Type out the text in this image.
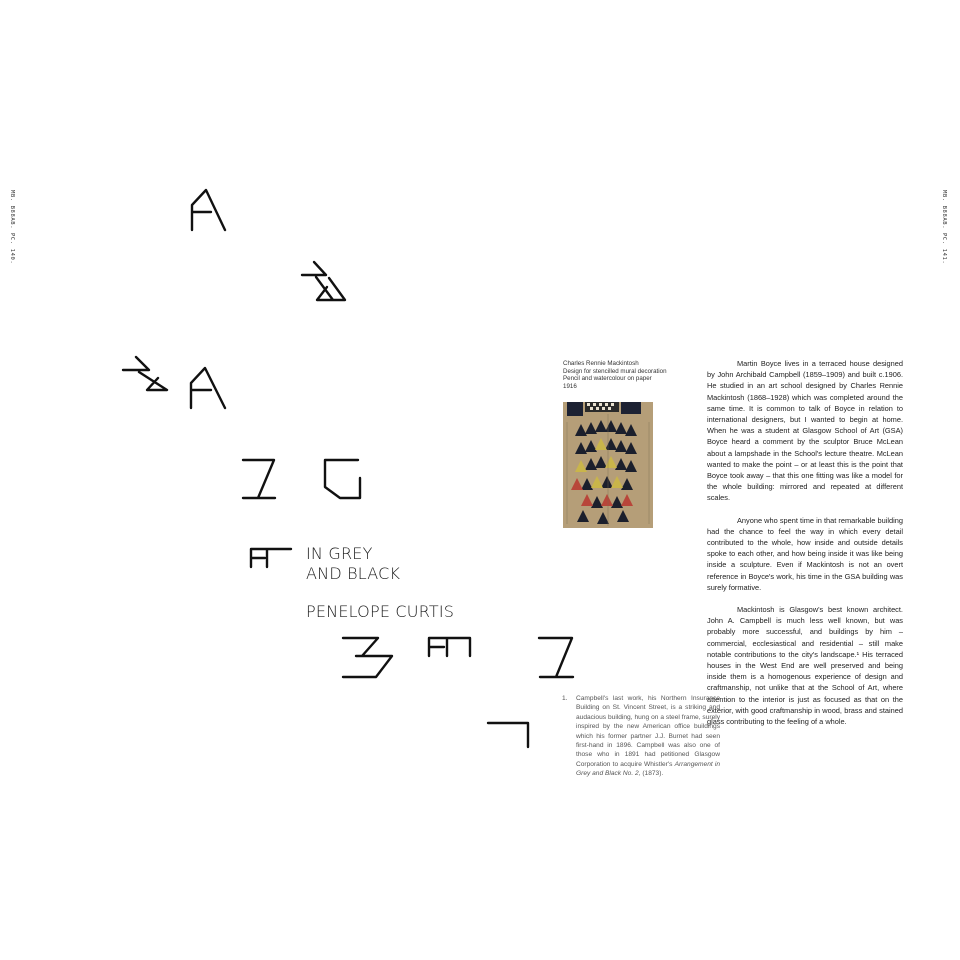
MB. B88AB. PC. 140.	MB. B88AB. PC. 141.
IN GREY
AND BLACK
PENELOPE CURTIS
Charles Rennie Mackintosh
Design for stencilled mural decoration
Pencil and watercolour on paper
1916

Martin Boyce lives in a terraced house designed by John Archibald Campbell (1859–1909) and built c.1906. He studied in an art school designed by Charles Rennie Mackintosh (1868–1928) which was completed around the same time. It is common to talk of Boyce in relation to international designers, but I wanted to begin at home. When he was a student at Glasgow School of Art (GSA) Boyce heard a comment by the sculptor Bruce McLean about a lampshade in the School's lecture theatre. McLean wanted to make the point – or at least this is the point that Boyce took away – that this one fitting was like a model for the whole building: mirrored and repeated at different scales.

Anyone who spent time in that remarkable building had the chance to feel the way in which every detail contributed to the whole, how inside and outside details spoke to each other, and how being inside it was like being inside a sculpture. Even if Mackintosh is not an overt reference in Boyce's work, his time in the GSA building was surely formative.

Mackintosh is Glasgow's best known architect. John A. Campbell is much less well known, but was probably more successful, and buildings by him – commercial, ecclesiastical and residential – still make notable contributions to the city's landscape.¹ His terraced houses in the West End are well preserved and being inside them is a homogenous experience of design and craftmanship, not unlike that at the School of Art, where attention to the interior is just as focused as that on the exterior, with good craftmanship in wood, brass and stained glass contributing to the feeling of a whole.

1. Campbell's last work, his Northern Insurance Building on St. Vincent Street, is a striking and audacious building, hung on a steel frame, surely inspired by the new American office buildings which his former partner J.J. Burnet had seen first-hand in 1896. Campbell was also one of those who in 1891 had petitioned Glasgow Corporation to acquire Whistler's Arrangement in Grey and Black No. 2, (1873).
